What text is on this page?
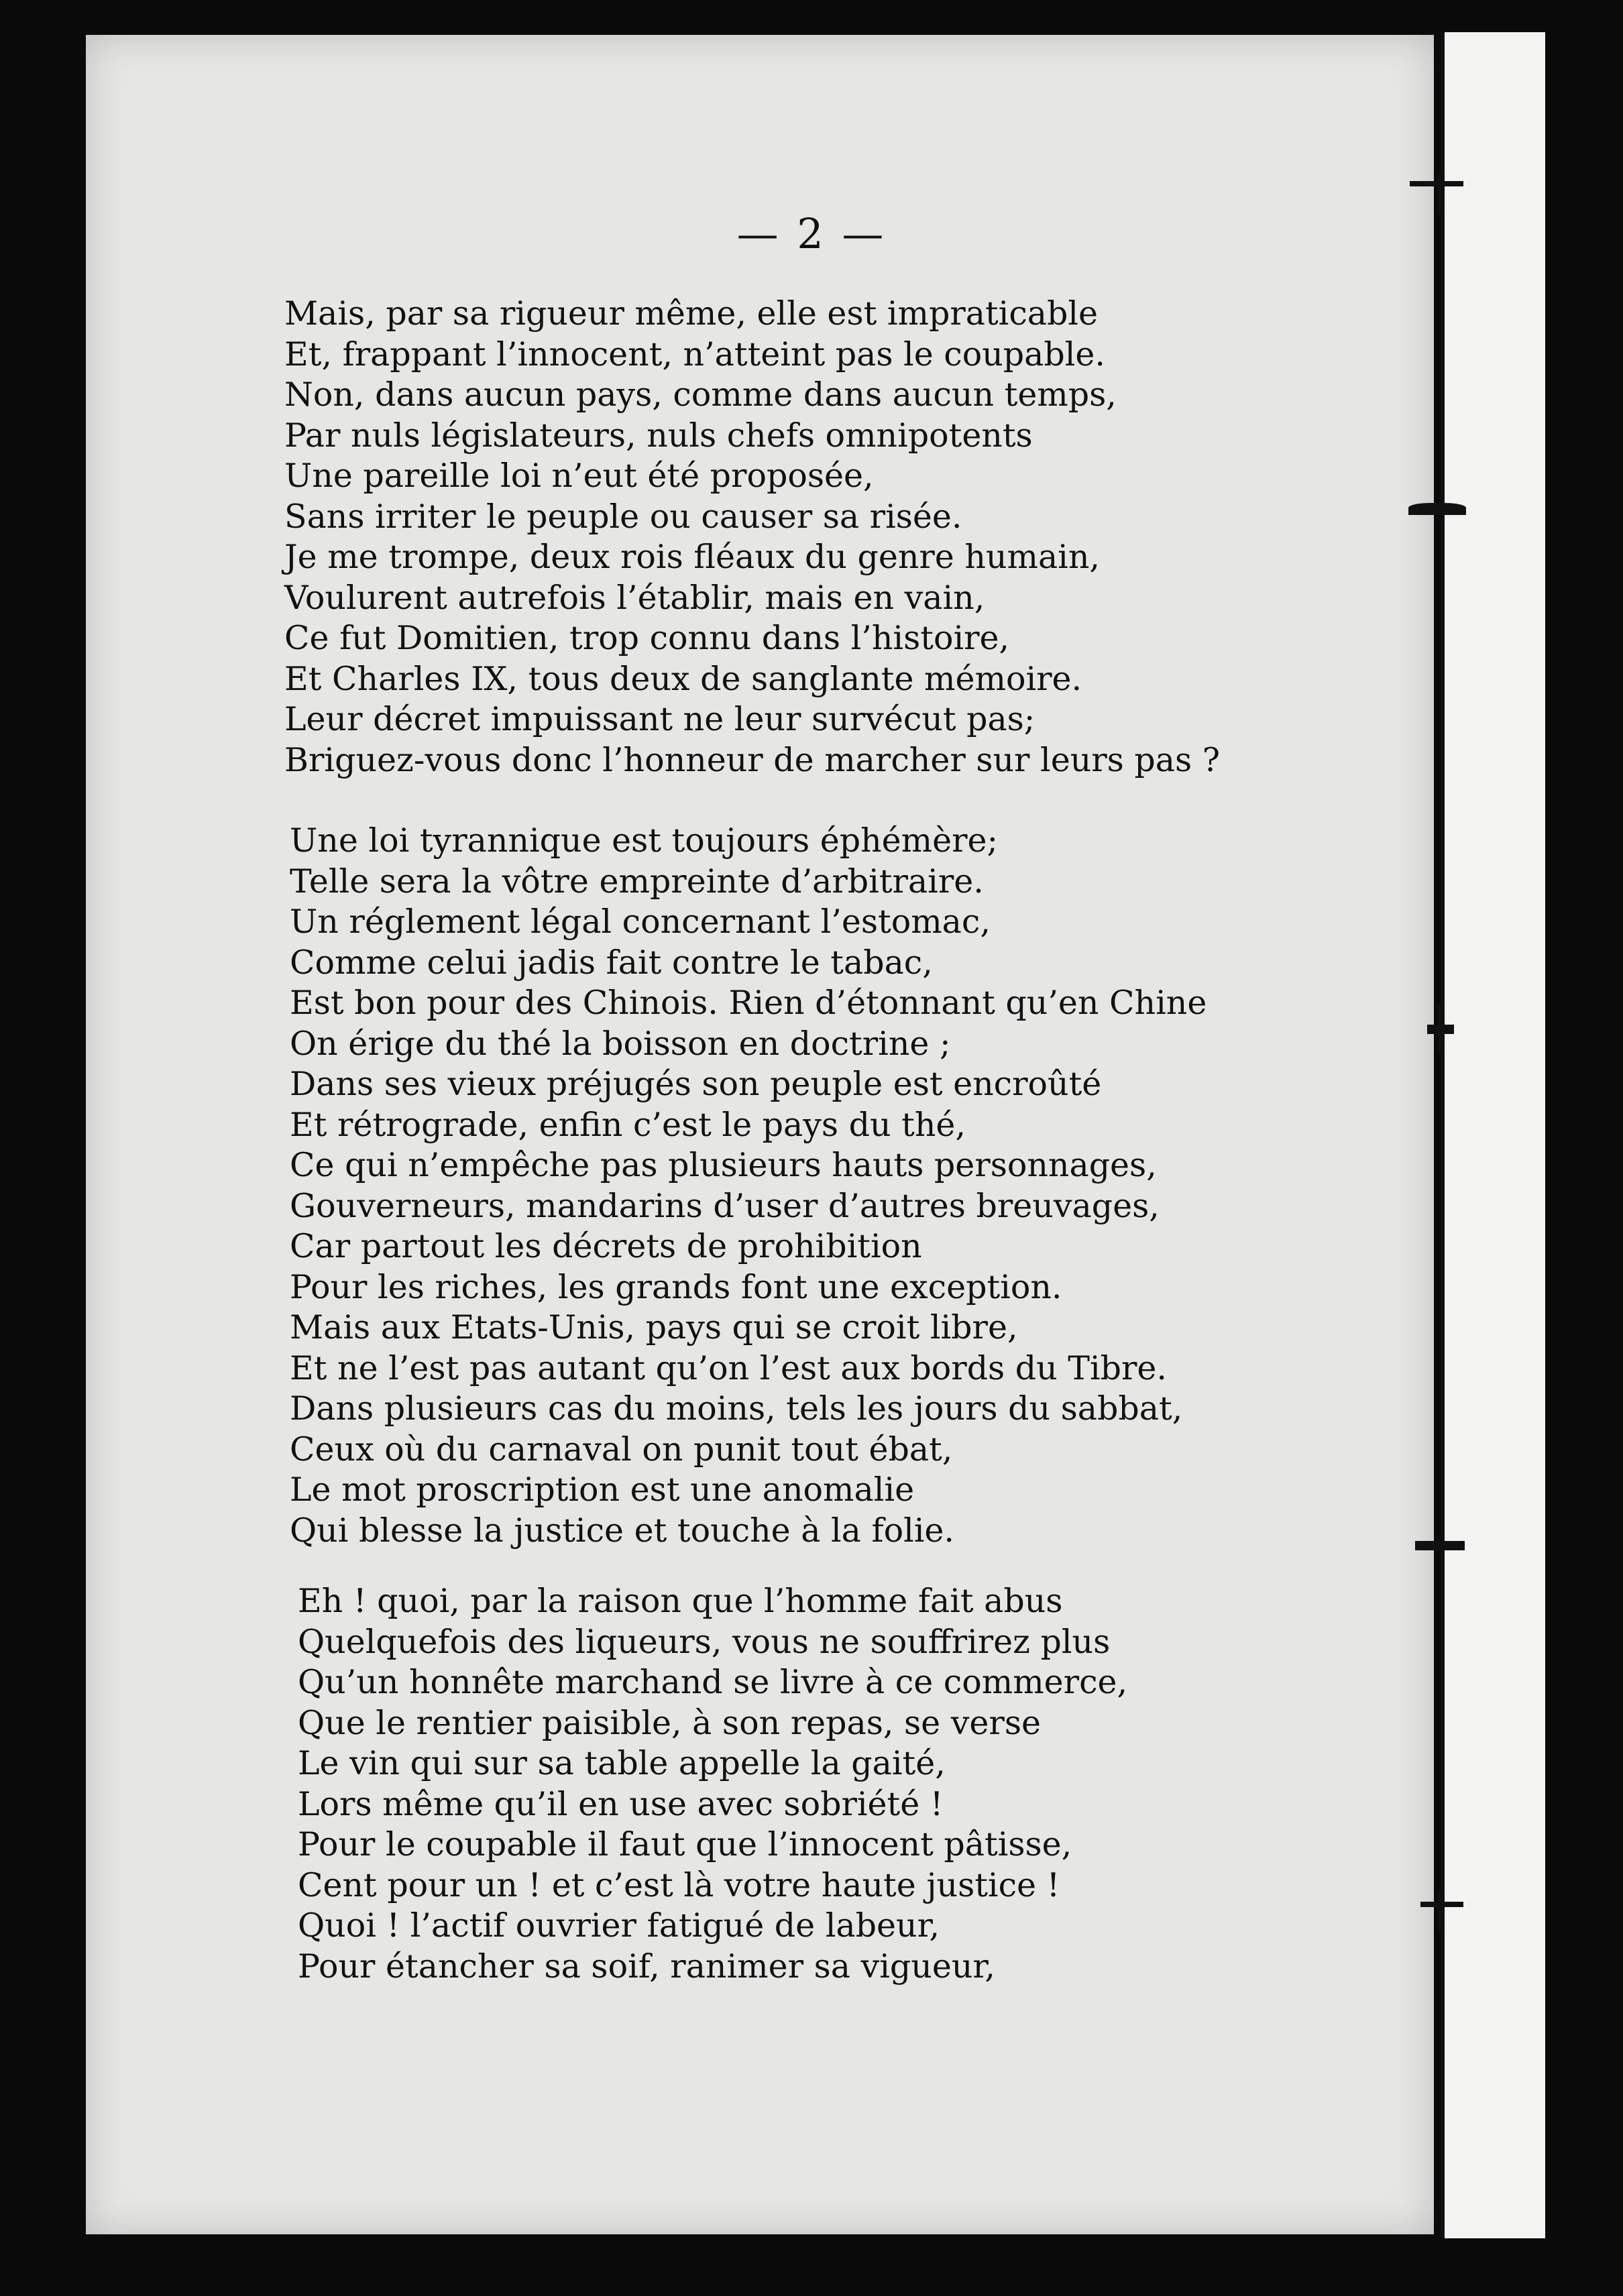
— 2 —
Mais, par sa rigueur même, elle est impraticable
Et, frappant l’innocent, n’atteint pas le coupable.
Non, dans aucun pays, comme dans aucun temps,
Par nuls législateurs, nuls chefs omnipotents
Une pareille loi n’eut été proposée,
Sans irriter le peuple ou causer sa risée.
Je me trompe, deux rois fléaux du genre humain,
Voulurent autrefois l’établir, mais en vain,
Ce fut Domitien, trop connu dans l’histoire,
Et Charles IX, tous deux de sanglante mémoire.
Leur décret impuissant ne leur survécut pas;
Briguez-vous donc l’honneur de marcher sur leurs pas ?
Une loi tyrannique est toujours éphémère;
Telle sera la vôtre empreinte d’arbitraire.
Un réglement légal concernant l’estomac,
Comme celui jadis fait contre le tabac,
Est bon pour des Chinois. Rien d’étonnant qu’en Chine
On érige du thé la boisson en doctrine ;
Dans ses vieux préjugés son peuple est encroûté
Et rétrograde, enfin c’est le pays du thé,
Ce qui n’empêche pas plusieurs hauts personnages,
Gouverneurs, mandarins d’user d’autres breuvages,
Car partout les décrets de prohibition
Pour les riches, les grands font une exception.
Mais aux Etats-Unis, pays qui se croit libre,
Et ne l’est pas autant qu’on l’est aux bords du Tibre.
Dans plusieurs cas du moins, tels les jours du sabbat,
Ceux où du carnaval on punit tout ébat,
Le mot proscription est une anomalie
Qui blesse la justice et touche à la folie.
Eh ! quoi, par la raison que l’homme fait abus
Quelquefois des liqueurs, vous ne souffrirez plus
Qu’un honnête marchand se livre à ce commerce,
Que le rentier paisible, à son repas, se verse
Le vin qui sur sa table appelle la gaité,
Lors même qu’il en use avec sobriété !
Pour le coupable il faut que l’innocent pâtisse,
Cent pour un ! et c’est là votre haute justice !
Quoi ! l’actif ouvrier fatigué de labeur,
Pour étancher sa soif, ranimer sa vigueur,
